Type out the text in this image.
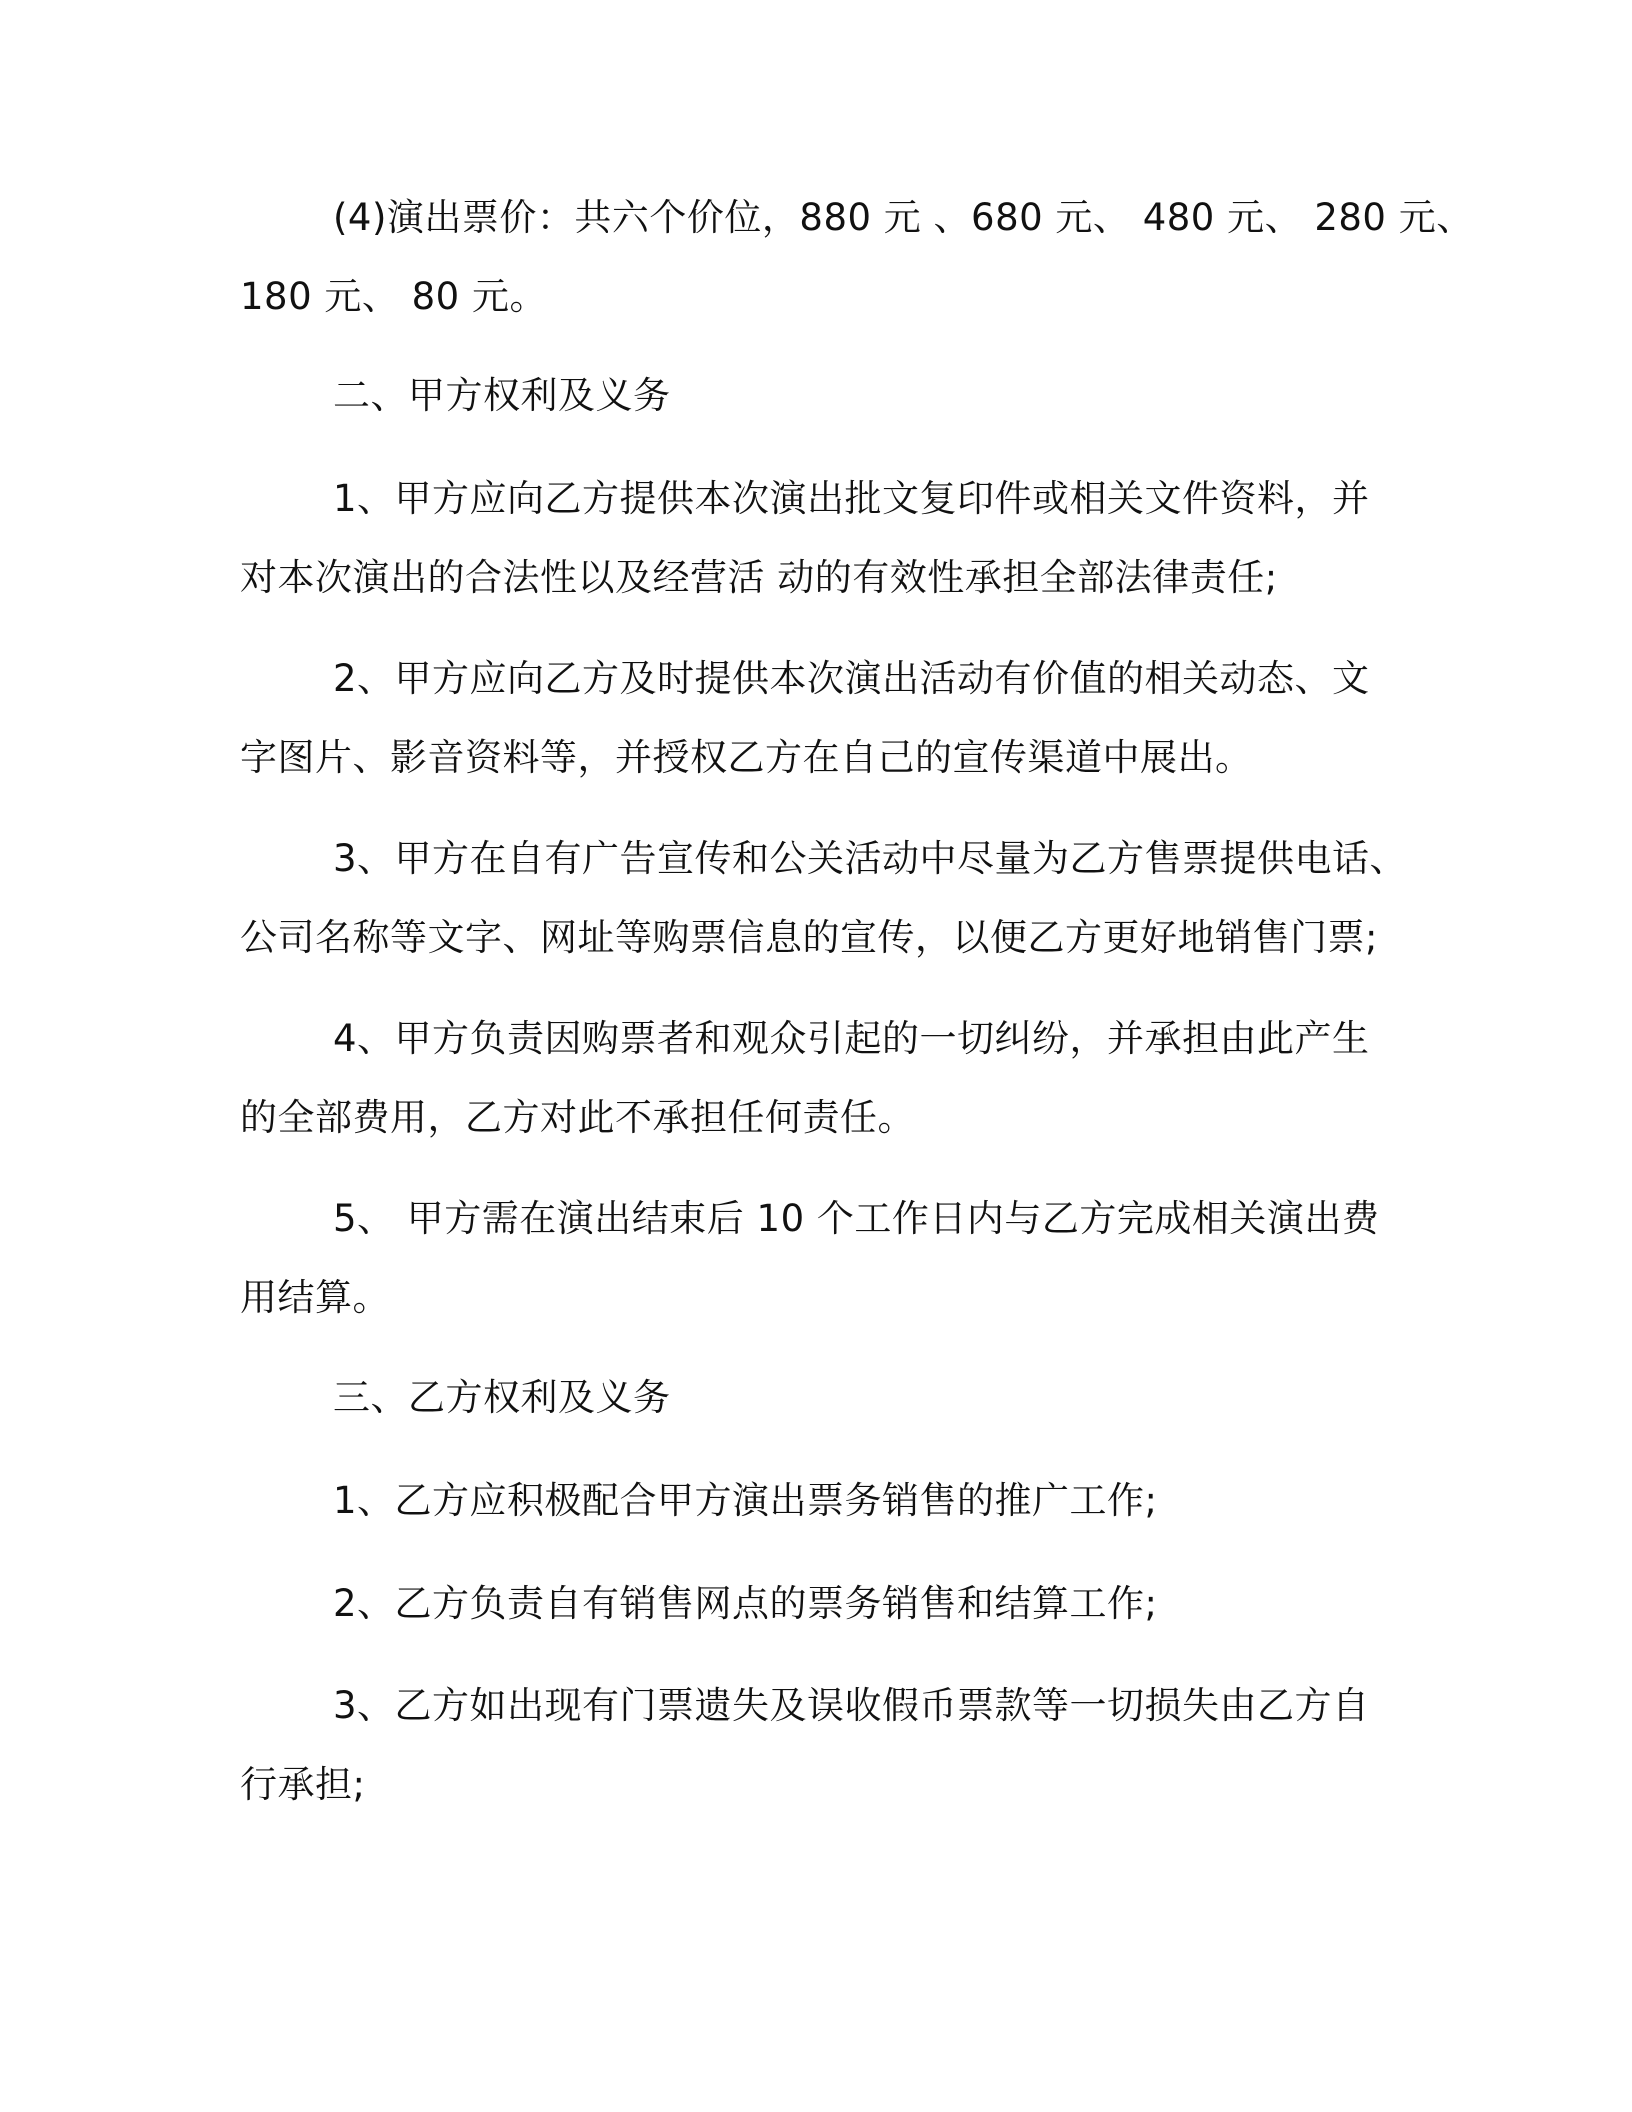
(4)演出票价：共六个价位，880 元 、680 元、 480 元、 280 元、
180 元、 80 元。
二、甲方权利及义务
1、甲方应向乙方提供本次演出批文复印件或相关文件资料，并
对本次演出的合法性以及经营活 动的有效性承担全部法律责任;
2、甲方应向乙方及时提供本次演出活动有价值的相关动态、文
字图片、影音资料等，并授权乙方在自己的宣传渠道中展出。
3、甲方在自有广告宣传和公关活动中尽量为乙方售票提供电话、
公司名称等文字、网址等购票信息的宣传，以便乙方更好地销售门票;
4、甲方负责因购票者和观众引起的一切纠纷，并承担由此产生
的全部费用，乙方对此不承担任何责任。
5、 甲方需在演出结束后 10 个工作日内与乙方完成相关演出费
用结算。
三、乙方权利及义务
1、乙方应积极配合甲方演出票务销售的推广工作;
2、乙方负责自有销售网点的票务销售和结算工作;
3、乙方如出现有门票遗失及误收假币票款等一切损失由乙方自
行承担;
